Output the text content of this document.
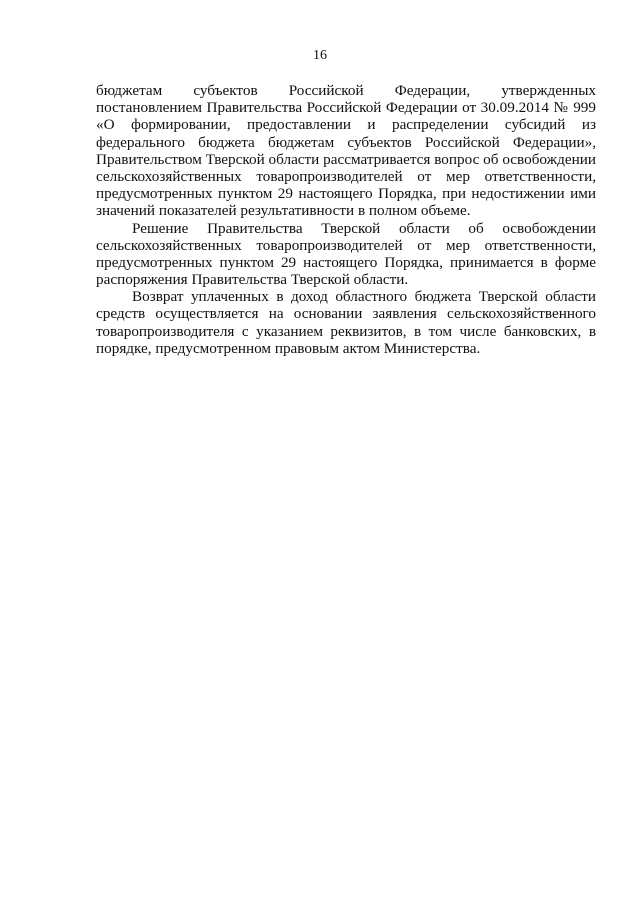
16
бюджетам субъектов Российской Федерации, утвержденных
постановлением Правительства Российской Федерации от 30.09.2014 № 999
«О формировании, предоставлении и распределении субсидий из
федерального бюджета бюджетам субъектов Российской Федерации»,
Правительством Тверской области рассматривается вопрос об освобождении
сельскохозяйственных товаропроизводителей от мер ответственности,
предусмотренных пунктом 29 настоящего Порядка, при недостижении ими
значений показателей результативности в полном объеме.
Решение Правительства Тверской области об освобождении
сельскохозяйственных товаропроизводителей от мер ответственности,
предусмотренных пунктом 29 настоящего Порядка, принимается в форме
распоряжения Правительства Тверской области.
Возврат уплаченных в доход областного бюджета Тверской области
средств осуществляется на основании заявления сельскохозяйственного
товаропроизводителя с указанием реквизитов, в том числе банковских, в
порядке, предусмотренном правовым актом Министерства.
